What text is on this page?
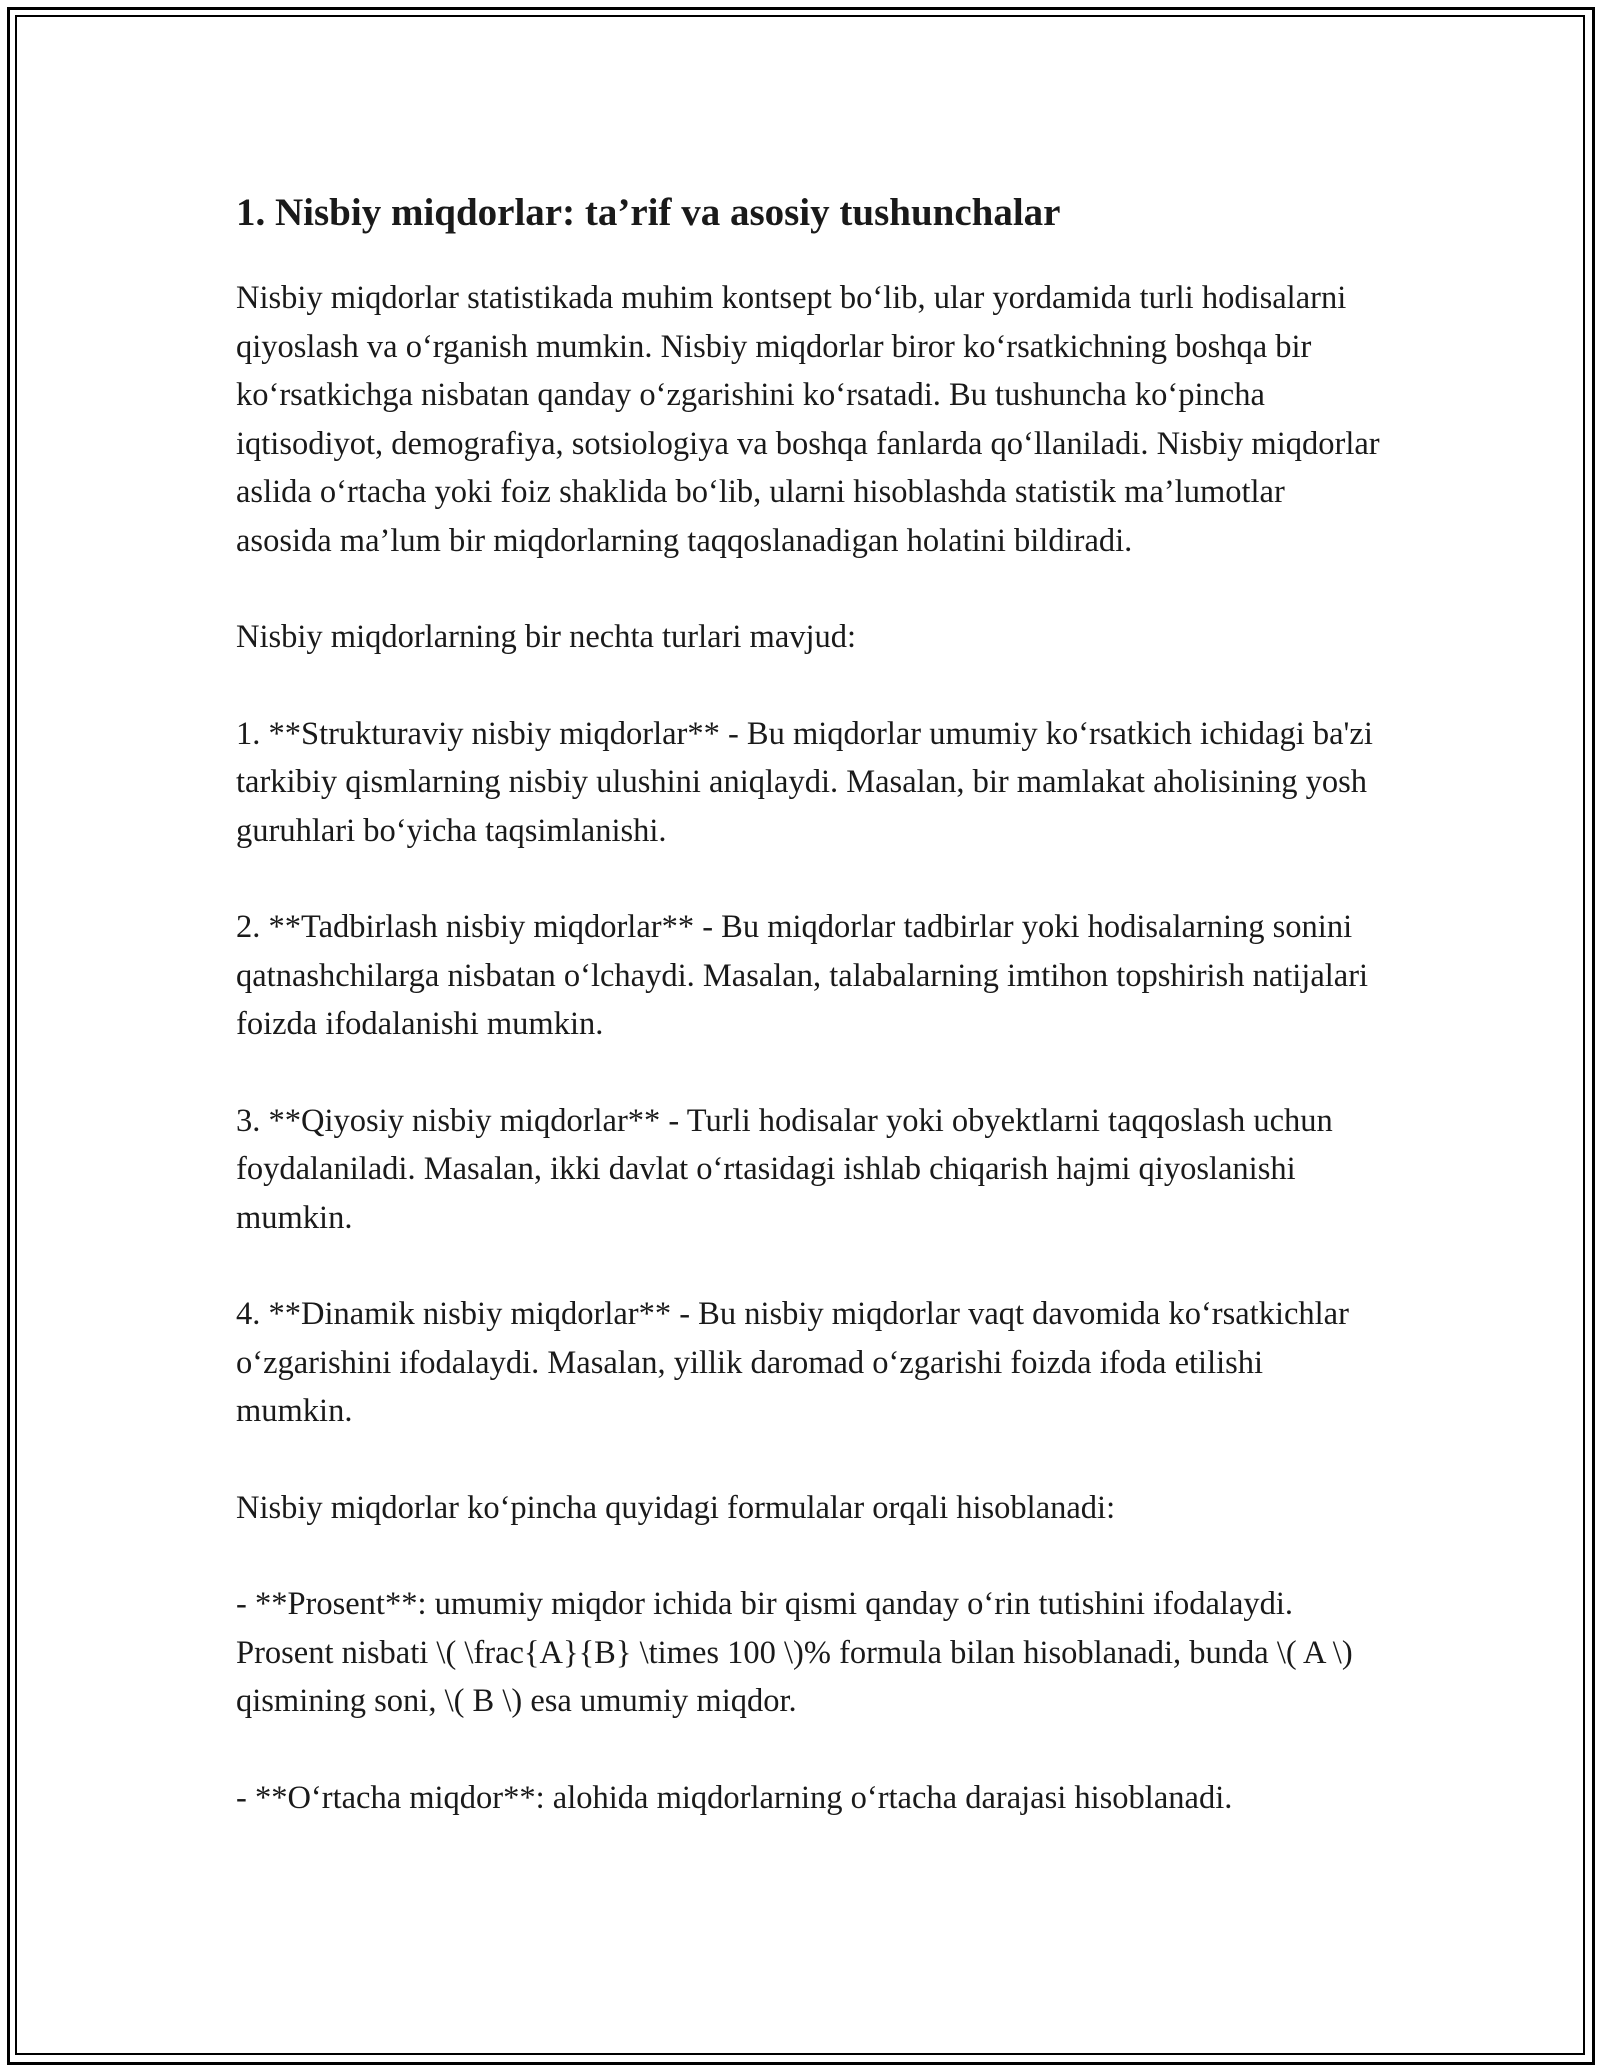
1. Nisbiy miqdorlar: ta’rif va asosiy tushunchalar

Nisbiy miqdorlar statistikada muhim kontsept bo‘lib, ular yordamida turli hodisalarni qiyoslash va o‘rganish mumkin. Nisbiy miqdorlar biror ko‘rsatkichning boshqa bir ko‘rsatkichga nisbatan qanday o‘zgarishini ko‘rsatadi. Bu tushuncha ko‘pincha iqtisodiyot, demografiya, sotsiologiya va boshqa fanlarda qo‘llaniladi. Nisbiy miqdorlar aslida o‘rtacha yoki foiz shaklida bo‘lib, ularni hisoblashda statistik ma’lumotlar asosida ma’lum bir miqdorlarning taqqoslanadigan holatini bildiradi.

Nisbiy miqdorlarning bir nechta turlari mavjud:

1. **Strukturaviy nisbiy miqdorlar** - Bu miqdorlar umumiy ko‘rsatkich ichidagi ba'zi tarkibiy qismlarning nisbiy ulushini aniqlaydi. Masalan, bir mamlakat aholisining yosh guruhlari bo‘yicha taqsimlanishi.

2. **Tadbirlash nisbiy miqdorlar** - Bu miqdorlar tadbirlar yoki hodisalarning sonini qatnashchilarga nisbatan o‘lchaydi. Masalan, talabalarning imtihon topshirish natijalari foizda ifodalanishi mumkin.

3. **Qiyosiy nisbiy miqdorlar** - Turli hodisalar yoki obyektlarni taqqoslash uchun foydalaniladi. Masalan, ikki davlat o‘rtasidagi ishlab chiqarish hajmi qiyoslanishi mumkin.

4. **Dinamik nisbiy miqdorlar** - Bu nisbiy miqdorlar vaqt davomida ko‘rsatkichlar o‘zgarishini ifodalaydi. Masalan, yillik daromad o‘zgarishi foizda ifoda etilishi mumkin.

Nisbiy miqdorlar ko‘pincha quyidagi formulalar orqali hisoblanadi:

- **Prosent**: umumiy miqdor ichida bir qismi qanday o‘rin tutishini ifodalaydi. Prosent nisbati \( \frac{A}{B} \times 100 \)% formula bilan hisoblanadi, bunda \( A \) qismining soni, \( B \) esa umumiy miqdor.

- **O‘rtacha miqdor**: alohida miqdorlarning o‘rtacha darajasi hisoblanadi.
